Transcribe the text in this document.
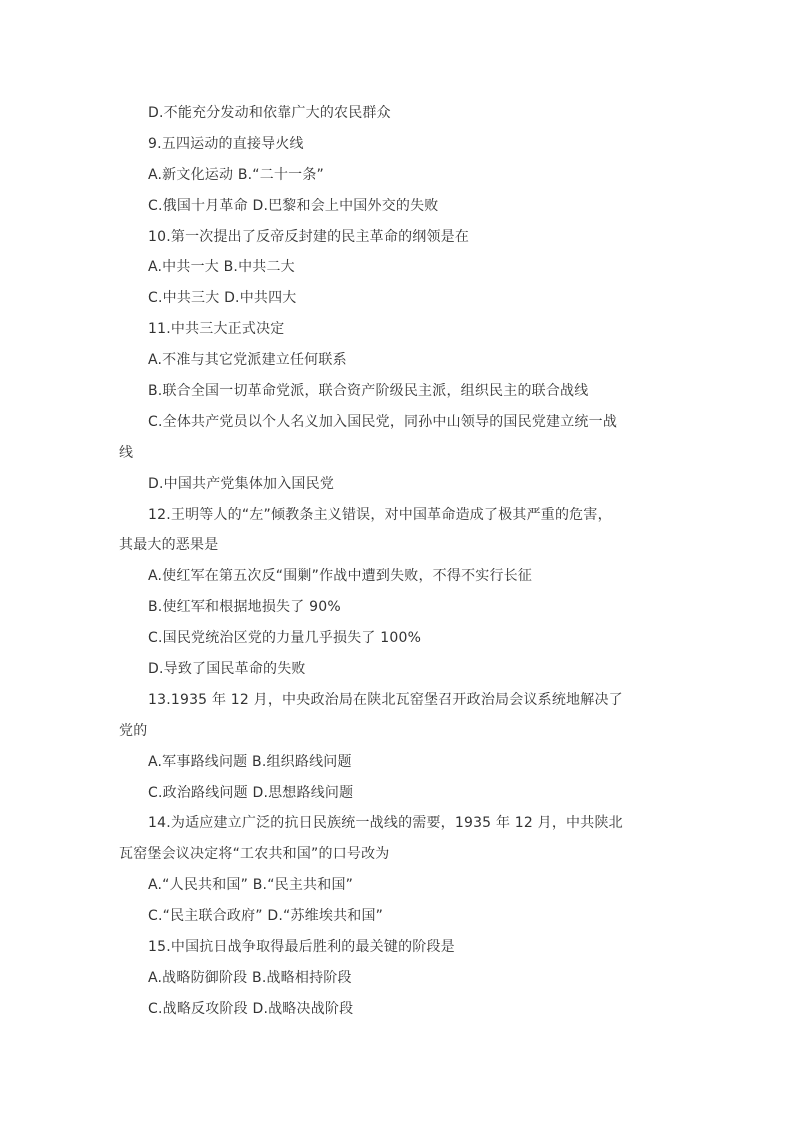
D.不能充分发动和依靠广大的农民群众
9.五四运动的直接导火线
A.新文化运动 B.“二十一条”
C.俄国十月革命 D.巴黎和会上中国外交的失败
10.第一次提出了反帝反封建的民主革命的纲领是在
A.中共一大 B.中共二大
C.中共三大 D.中共四大
11.中共三大正式决定
A.不准与其它党派建立任何联系
B.联合全国一切革命党派，联合资产阶级民主派，组织民主的联合战线
C.全体共产党员以个人名义加入国民党，同孙中山领导的国民党建立统一战
线
D.中国共产党集体加入国民党
12.王明等人的“左”倾教条主义错误，对中国革命造成了极其严重的危害，
其最大的恶果是
A.使红军在第五次反“围剿”作战中遭到失败，不得不实行长征
B.使红军和根据地损失了 90%
C.国民党统治区党的力量几乎损失了 100%
D.导致了国民革命的失败
13.1935 年 12 月，中央政治局在陕北瓦窑堡召开政治局会议系统地解决了
党的
A.军事路线问题 B.组织路线问题
C.政治路线问题 D.思想路线问题
14.为适应建立广泛的抗日民族统一战线的需要，1935 年 12 月，中共陕北
瓦窑堡会议决定将“工农共和国”的口号改为
A.“人民共和国” B.“民主共和国”
C.“民主联合政府” D.“苏维埃共和国”
15.中国抗日战争取得最后胜利的最关键的阶段是
A.战略防御阶段 B.战略相持阶段
C.战略反攻阶段 D.战略决战阶段
